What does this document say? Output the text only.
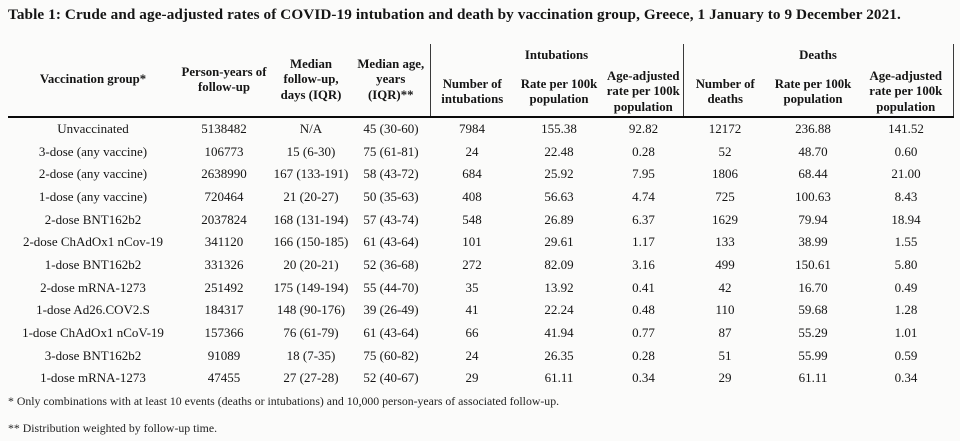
Table 1: Crude and age-adjusted rates of COVID-19 intubation and death by vaccination group, Greece, 1 January to 9 December 2021.
Vaccination group*	Person-years of follow-up	Median follow-up, days (IQR)	Median age, years (IQR)**	Intubations			Deaths		
				Number of intubations	Rate per 100k population	Age-adjusted rate per 100k population	Number of deaths	Rate per 100k population	Age-adjusted rate per 100k population
Unvaccinated	5138482	N/A	45 (30-60)	7984	155.38	92.82	12172	236.88	141.52
3-dose (any vaccine)	106773	15 (6-30)	75 (61-81)	24	22.48	0.28	52	48.70	0.60
2-dose (any vaccine)	2638990	167 (133-191)	58 (43-72)	684	25.92	7.95	1806	68.44	21.00
1-dose (any vaccine)	720464	21 (20-27)	50 (35-63)	408	56.63	4.74	725	100.63	8.43
2-dose BNT162b2	2037824	168 (131-194)	57 (43-74)	548	26.89	6.37	1629	79.94	18.94
2-dose ChAdOx1 nCov-19	341120	166 (150-185)	61 (43-64)	101	29.61	1.17	133	38.99	1.55
1-dose BNT162b2	331326	20 (20-21)	52 (36-68)	272	82.09	3.16	499	150.61	5.80
2-dose mRNA-1273	251492	175 (149-194)	55 (44-70)	35	13.92	0.41	42	16.70	0.49
1-dose Ad26.COV2.S	184317	148 (90-176)	39 (26-49)	41	22.24	0.48	110	59.68	1.28
1-dose ChAdOx1 nCoV-19	157366	76 (61-79)	61 (43-64)	66	41.94	0.77	87	55.29	1.01
3-dose BNT162b2	91089	18 (7-35)	75 (60-82)	24	26.35	0.28	51	55.99	0.59
1-dose mRNA-1273	47455	27 (27-28)	52 (40-67)	29	61.11	0.34	29	61.11	0.34
* Only combinations with at least 10 events (deaths or intubations) and 10,000 person-years of associated follow-up.
** Distribution weighted by follow-up time.
